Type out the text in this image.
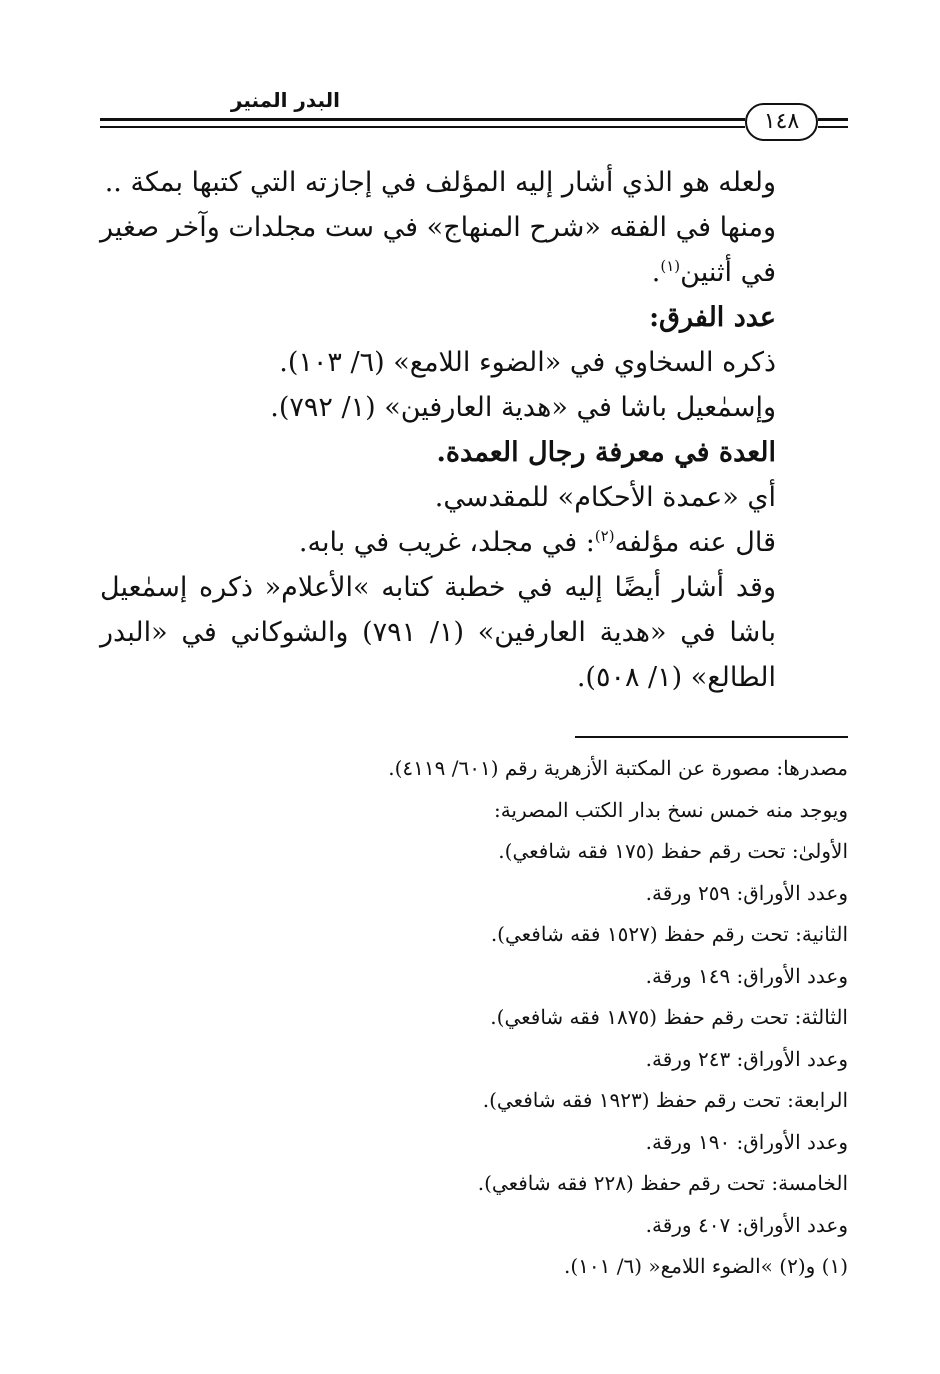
البدر المنير
١٤٨

ولعله هو الذي أشار إليه المؤلف في إجازته التي كتبها بمكة ..

ومنها في الفقه «شرح المنهاج» في ست مجلدات وآخر صغير في أثنين$^{(١)}$.

عدد الفرق:

ذكره السخاوي في «الضوء اللامع» (٦/ ١٠٣).

وإسمٰعيل باشا في «هدية العارفين» (١/ ٧٩٢).

العدة في معرفة رجال العمدة.

أي «عمدة الأحكام» للمقدسي.

قال عنه مؤلفه$^{(٢)}$: في مجلد، غريب في بابه.

وقد أشار أيضًا إليه في خطبة كتابه »الأعلام« ذكره إسمٰعيل باشا في «هدية العارفين» (١/ ٧٩١) والشوكاني في «البدر الطالع» (١/ ٥٠٨).

مصدرها: مصورة عن المكتبة الأزهرية رقم (٦٠١/ ٤١١٩).

ويوجد منه خمس نسخ بدار الكتب المصرية:

الأولىٰ: تحت رقم حفظ (١٧٥ فقه شافعي).

وعدد الأوراق: ٢٥٩ ورقة.

الثانية: تحت رقم حفظ (١٥٢٧ فقه شافعي).

وعدد الأوراق: ١٤٩ ورقة.

الثالثة: تحت رقم حفظ (١٨٧٥ فقه شافعي).

وعدد الأوراق: ٢٤٣ ورقة.

الرابعة: تحت رقم حفظ (١٩٢٣ فقه شافعي).

وعدد الأوراق: ١٩٠ ورقة.

الخامسة: تحت رقم حفظ (٢٢٨ فقه شافعي).

وعدد الأوراق: ٤٠٧ ورقة.

(١) و(٢) »الضوء اللامع« (٦/ ١٠١).
